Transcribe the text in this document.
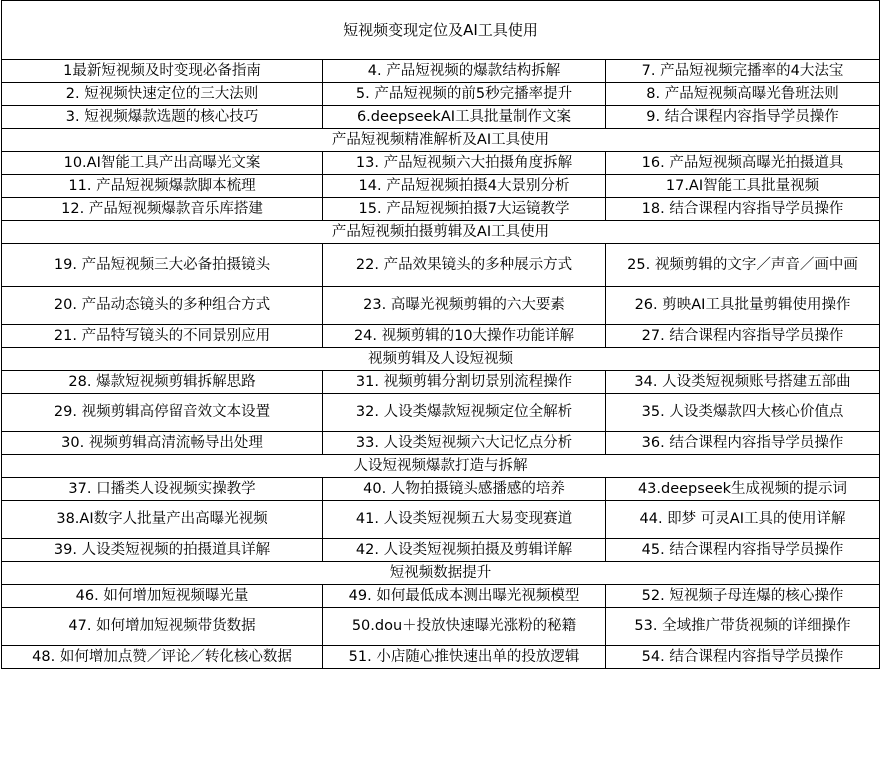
短视频变现定位及AI工具使用		
1最新短视频及时变现必备指南	4. 产品短视频的爆款结构拆解	7. 产品短视频完播率的4大法宝
2. 短视频快速定位的三大法则	5. 产品短视频的前5秒完播率提升	8. 产品短视频高曝光鲁班法则
3. 短视频爆款选题的核心技巧	6.deepseekAI工具批量制作文案	9. 结合课程内容指导学员操作
产品短视频精准解析及AI工具使用		
10.AI智能工具产出高曝光文案	13. 产品短视频六大拍摄角度拆解	16. 产品短视频高曝光拍摄道具
11. 产品短视频爆款脚本梳理	14. 产品短视频拍摄4大景别分析	17.AI智能工具批量视频
12. 产品短视频爆款音乐库搭建	15. 产品短视频拍摄7大运镜教学	18. 结合课程内容指导学员操作
产品短视频拍摄剪辑及AI工具使用		
19. 产品短视频三大必备拍摄镜头	22. 产品效果镜头的多种展示方式	25. 视频剪辑的文字／声音／画中画
20. 产品动态镜头的多种组合方式	23. 高曝光视频剪辑的六大要素	26. 剪映AI工具批量剪辑使用操作
21. 产品特写镜头的不同景别应用	24. 视频剪辑的10大操作功能详解	27. 结合课程内容指导学员操作
视频剪辑及人设短视频		
28. 爆款短视频剪辑拆解思路	31. 视频剪辑分割切景别流程操作	34. 人设类短视频账号搭建五部曲
29. 视频剪辑高停留音效文本设置	32. 人设类爆款短视频定位全解析	35. 人设类爆款四大核心价值点
30. 视频剪辑高清流畅导出处理	33. 人设类短视频六大记忆点分析	36. 结合课程内容指导学员操作
人设短视频爆款打造与拆解		
37. 口播类人设视频实操教学	40. 人物拍摄镜头感播感的培养	43.deepseek生成视频的提示词
38.AI数字人批量产出高曝光视频	41. 人设类短视频五大易变现赛道	44. 即梦 可灵AI工具的使用详解
39. 人设类短视频的拍摄道具详解	42. 人设类短视频拍摄及剪辑详解	45. 结合课程内容指导学员操作
短视频数据提升		
46. 如何增加短视频曝光量	49. 如何最低成本测出曝光视频模型	52. 短视频子母连爆的核心操作
47. 如何增加短视频带货数据	50.dou＋投放快速曝光涨粉的秘籍	53. 全域推广带货视频的详细操作
48. 如何增加点赞／评论／转化核心数据	51. 小店随心推快速出单的投放逻辑	54. 结合课程内容指导学员操作
